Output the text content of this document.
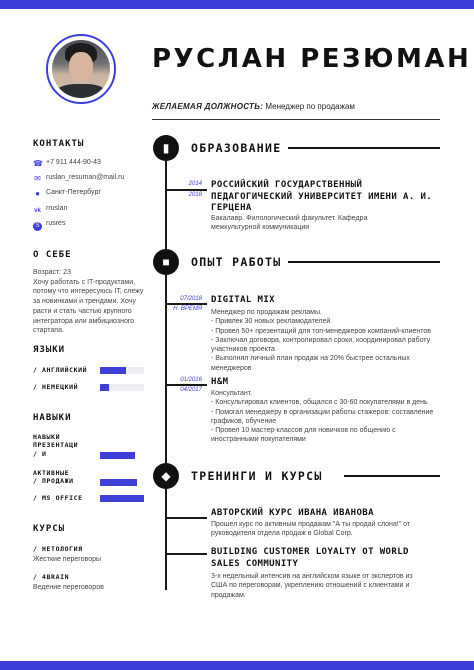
РУСЛАН РЕЗЮМАН
ЖЕЛАЕМАЯ ДОЛЖНОСТЬ: Менеджер по продажам
КОНТАКТЫ
☎ +7 911 444-90-43
✉ ruslan_resuman@mail.ru
● Санкт-Петербург
vk rruslan
S rusres
О СЕБЕ
Возраст: 23
Хочу работать с IT-продуктами, потому что интересуюсь IT, слежу за новинками и трендами. Хочу расти и стать частью крупного интегратора или амбициозного стартапа.
ЯЗЫКИ
/ АНГЛИЙСКИЙ
/ НЕМЕЦКИЙ
НАВЫКИ
НАВЫКИ
ПРЕЗЕНТАЦИ
/ И
АКТИВНЫЕ
/ ПРОДАЖИ
/ MS OFFICE
КУРСЫ
/ НЕТОЛОГИЯ
Жесткие переговоры
/ 4BRAIN
Ведение переговоров
▮	ОБРАЗОВАНИЕ
2014
2018
РОССИЙСКИЙ ГОСУДАРСТВЕННЫЙ ПЕДАГОГИЧЕСКИЙ УНИВЕРСИТЕТ ИМЕНИ А. И. ГЕРЦЕНА
Бакалавр. Филологический факультет. Кафедра межкультурной коммуникации
■	ОПЫТ РАБОТЫ
07/2018
Н. ВРЕМЯ
DIGITAL MIX
Менеджер по продажам рекламы.
- Привлек 30 новых рекламодателей
- Провел 50+ презентаций для топ-менеджеров компаний-клиентов
- Заключал договора, контролировал сроки, координировал работу участников проекта
- Выполнял личный план продаж на 20% быстрее остальных менеджеров
01/2016
04/2017
H&M
Консультант.
- Консультировал клиентов, общался с 30-60 покупателями в день
- Помогал менеджеру в организации работы стажеров: составление графиков, обучение
- Провел 10 мастер-классов для новичков по общению с иностранными покупателями
◆	ТРЕНИНГИ И КУРСЫ
АВТОРСКИЙ КУРС ИВАНА ИВАНОВА
Прошел курс по активным продажам "А ты продай слона!" от руководителя отдела продаж в Global Corp.
BUILDING CUSTOMER LOYALTY OT WORLD SALES COMMUNITY
3-х недельный интенсив на английском языке от экспертов из США по переговорам, укреплению отношений с клиентами и продажам.
